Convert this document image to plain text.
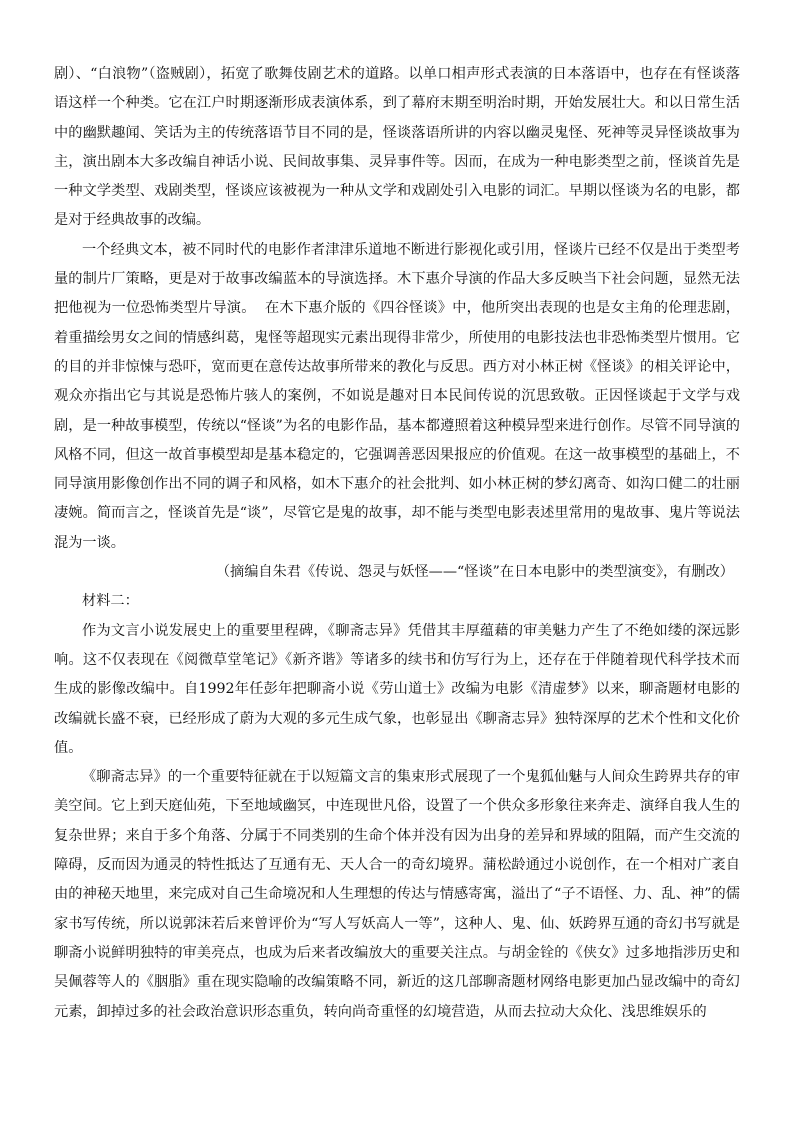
剧）、“白浪物”（盗贼剧），拓宽了歌舞伎剧艺术的道路。以单口相声形式表演的日本落语中，也存在有怪谈落语这样一个种类。它在江户时期逐渐形成表演体系，到了幕府末期至明治时期，开始发展壮大。和以日常生活中的幽默趣闻、笑话为主的传统落语节目不同的是，怪谈落语所讲的内容以幽灵鬼怪、死神等灵异怪谈故事为主，演出剧本大多改编自神话小说、民间故事集、灵异事件等。因而，在成为一种电影类型之前，怪谈首先是一种文学类型、戏剧类型，怪谈应该被视为一种从文学和戏剧处引入电影的词汇。早期以怪谈为名的电影，都是对于经典故事的改编。

一个经典文本，被不同时代的电影作者津津乐道地不断进行影视化或引用，怪谈片已经不仅是出于类型考量的制片厂策略，更是对于故事改编蓝本的导演选择。木下惠介导演的作品大多反映当下社会问题，显然无法把他视为一位恐怖类型片导演。  在木下惠介版的《四谷怪谈》中，他所突出表现的也是女主角的伦理悲剧，着重描绘男女之间的情感纠葛，鬼怪等超现实元素出现得非常少，所使用的电影技法也非恐怖类型片惯用。它的目的并非惊悚与恐吓，宽而更在意传达故事所带来的教化与反思。西方对小林正树《怪谈》的相关评论中，观众亦指出它与其说是恐怖片骇人的案例，不如说是趣对日本民间传说的沉思致敬。正因怪谈起于文学与戏剧，是一种故事模型，传统以“怪谈”为名的电影作品，基本都遵照着这种模异型来进行创作。尽管不同导演的风格不同，但这一故首事模型却是基本稳定的，它强调善恶因果报应的价值观。在这一故事模型的基础上，不同导演用影像创作出不同的调子和风格，如木下惠介的社会批判、如小林正树的梦幻离奇、如沟口健二的壮丽凄婉。简而言之，怪谈首先是“谈”，尽管它是鬼的故事，却不能与类型电影表述里常用的鬼故事、鬼片等说法混为一谈。

（摘编自朱君《传说、怨灵与妖怪——“怪谈”在日本电影中的类型演变》，有删改）

材料二：

作为文言小说发展史上的重要里程碑，《聊斋志异》凭借其丰厚蕴藉的审美魅力产生了不绝如缕的深远影响。这不仅表现在《阅微草堂笔记》《新齐谐》等诸多的续书和仿写行为上，还存在于伴随着现代科学技术而生成的影像改编中。自1992年任彭年把聊斋小说《劳山道士》改编为电影《清虚梦》以来，聊斋题材电影的改编就长盛不衰，已经形成了蔚为大观的多元生成气象，也彰显出《聊斋志异》独特深厚的艺术个性和文化价值。

《聊斋志异》的一个重要特征就在于以短篇文言的集束形式展现了一个鬼狐仙魅与人间众生跨界共存的审美空间。它上到天庭仙苑，下至地域幽冥，中连现世凡俗，设置了一个供众多形象往来奔走、演绎自我人生的复杂世界；来自于多个角落、分属于不同类别的生命个体并没有因为出身的差异和界域的阻隔，而产生交流的障碍，反而因为通灵的特性抵达了互通有无、天人合一的奇幻境界。蒲松龄通过小说创作，在一个相对广袤自由的神秘天地里，来完成对自己生命境况和人生理想的传达与情感寄寓，溢出了“子不语怪、力、乱、神”的儒家书写传统，所以说郭沫若后来曾评价为“写人写妖高人一等”，这种人、鬼、仙、妖跨界互通的奇幻书写就是聊斋小说鲜明独特的审美亮点，也成为后来者改编放大的重要关注点。与胡金铨的《侠女》过多地指涉历史和吴佩蓉等人的《胭脂》重在现实隐喻的改编策略不同，新近的这几部聊斋题材网络电影更加凸显改编中的奇幻元素，卸掉过多的社会政治意识形态重负，转向尚奇重怪的幻境营造，从而去拉动大众化、浅思维娱乐的
